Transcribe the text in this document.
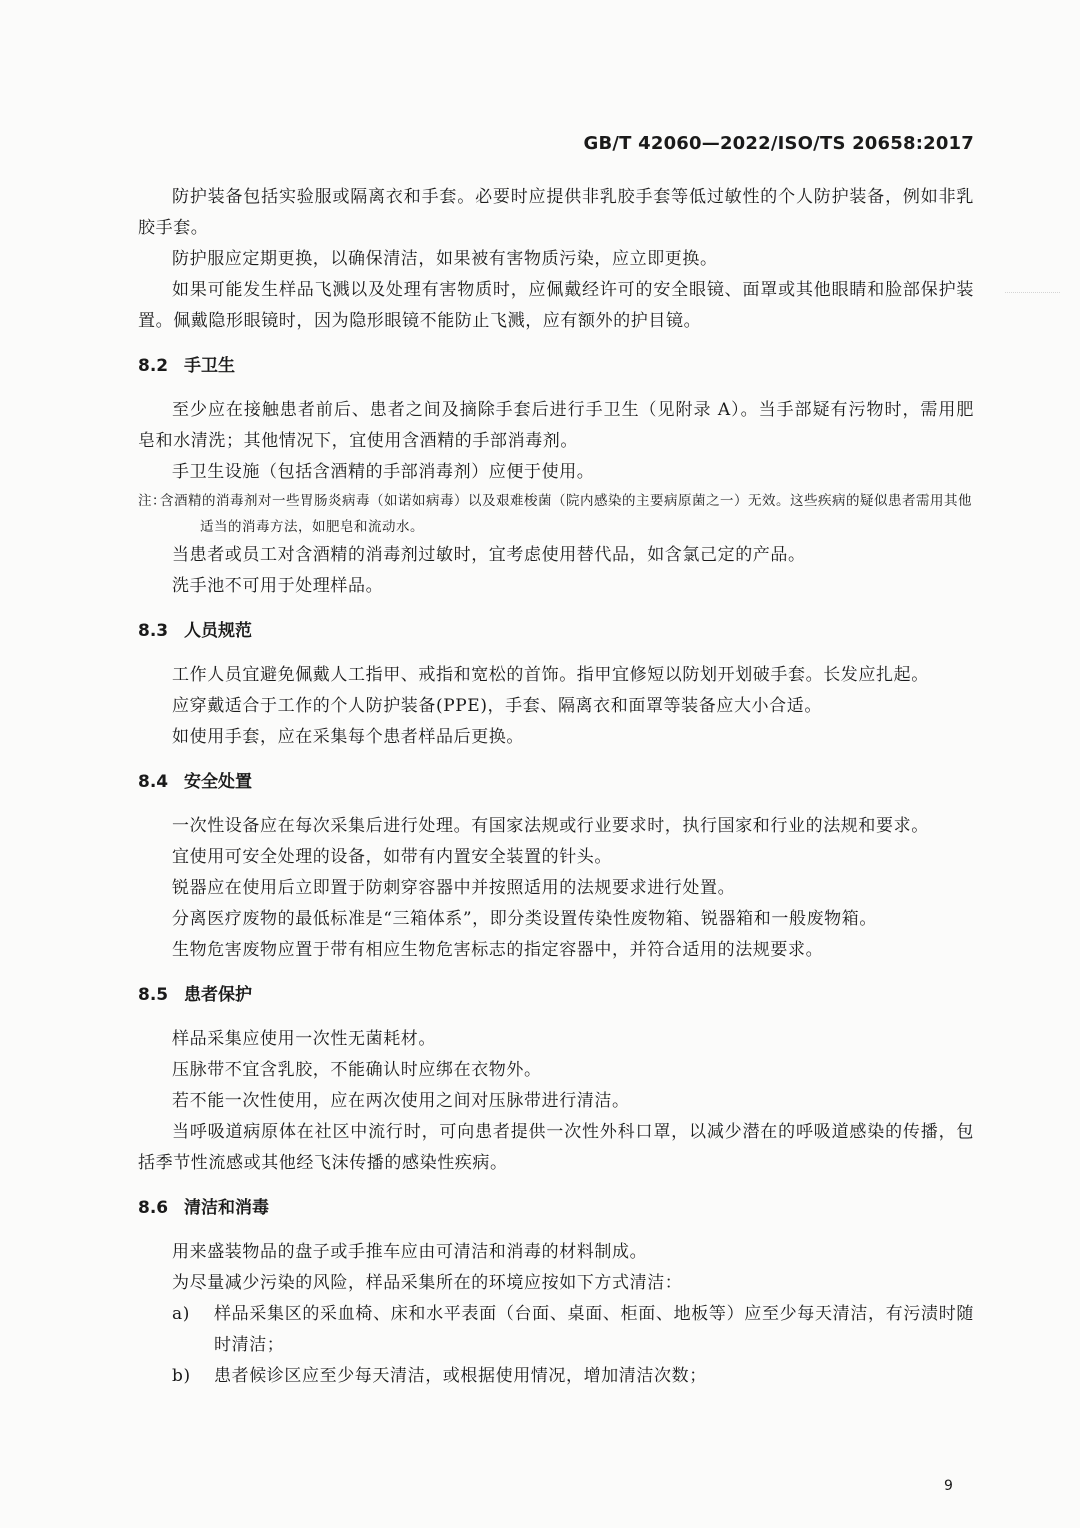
GB/T 42060—2022/ISO/TS 20658:2017

防护装备包括实验服或隔离衣和手套。必要时应提供非乳胶手套等低过敏性的个人防护装备，例如非乳胶手套。

防护服应定期更换，以确保清洁，如果被有害物质污染，应立即更换。

如果可能发生样品飞溅以及处理有害物质时，应佩戴经许可的安全眼镜、面罩或其他眼睛和脸部保护装置。佩戴隐形眼镜时，因为隐形眼镜不能防止飞溅，应有额外的护目镜。

8.2 手卫生

至少应在接触患者前后、患者之间及摘除手套后进行手卫生（见附录 A）。当手部疑有污物时，需用肥皂和水清洗；其他情况下，宜使用含酒精的手部消毒剂。

手卫生设施（包括含酒精的手部消毒剂）应便于使用。

注：含酒精的消毒剂对一些胃肠炎病毒（如诺如病毒）以及艰难梭菌（院内感染的主要病原菌之一）无效。这些疾病的疑似患者需用其他适当的消毒方法，如肥皂和流动水。

当患者或员工对含酒精的消毒剂过敏时，宜考虑使用替代品，如含氯己定的产品。

洗手池不可用于处理样品。

8.3 人员规范

工作人员宜避免佩戴人工指甲、戒指和宽松的首饰。指甲宜修短以防划开划破手套。长发应扎起。

应穿戴适合于工作的个人防护装备(PPE)，手套、隔离衣和面罩等装备应大小合适。

如使用手套，应在采集每个患者样品后更换。

8.4 安全处置

一次性设备应在每次采集后进行处理。有国家法规或行业要求时，执行国家和行业的法规和要求。

宜使用可安全处理的设备，如带有内置安全装置的针头。

锐器应在使用后立即置于防刺穿容器中并按照适用的法规要求进行处置。

分离医疗废物的最低标准是“三箱体系”，即分类设置传染性废物箱、锐器箱和一般废物箱。

生物危害废物应置于带有相应生物危害标志的指定容器中，并符合适用的法规要求。

8.5 患者保护

样品采集应使用一次性无菌耗材。

压脉带不宜含乳胶，不能确认时应绑在衣物外。

若不能一次性使用，应在两次使用之间对压脉带进行清洁。

当呼吸道病原体在社区中流行时，可向患者提供一次性外科口罩，以减少潜在的呼吸道感染的传播，包括季节性流感或其他经飞沫传播的感染性疾病。

8.6 清洁和消毒

用来盛装物品的盘子或手推车应由可清洁和消毒的材料制成。

为尽量减少污染的风险，样品采集所在的环境应按如下方式清洁：

a)	样品采集区的采血椅、床和水平表面（台面、桌面、柜面、地板等）应至少每天清洁，有污渍时随时清洁；
b)	患者候诊区应至少每天清洁，或根据使用情况，增加清洁次数；
9
